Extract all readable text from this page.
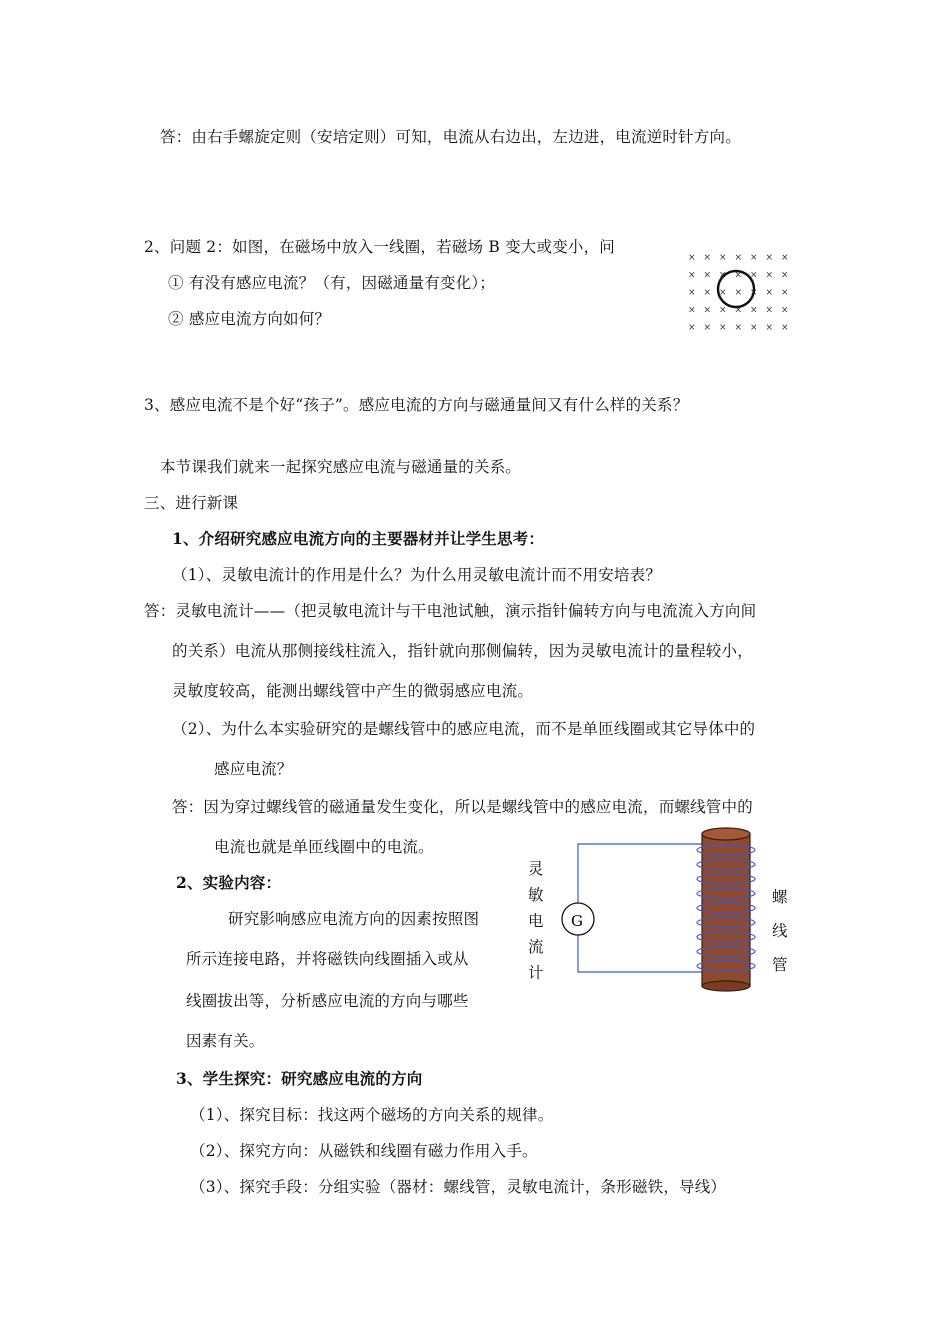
答：由右手螺旋定则（安培定则）可知，电流从右边出，左边进，电流逆时针方向。
2、问题 2：如图，在磁场中放入一线圈，若磁场 B 变大或变小，问
① 有没有感应电流？（有，因磁通量有变化）；
② 感应电流方向如何？
× × × × × × ×
× × × × × × ×
× × × × × × ×
× × × × × × ×
× × × × × × ×
3、感应电流不是个好“孩子”。感应电流的方向与磁通量间又有什么样的关系？
本节课我们就来一起探究感应电流与磁通量的关系。
三、进行新课
1、介绍研究感应电流方向的主要器材并让学生思考：
（1）、灵敏电流计的作用是什么？为什么用灵敏电流计而不用安培表？
答：灵敏电流计——（把灵敏电流计与干电池试触，演示指针偏转方向与电流流入方向间
的关系）电流从那侧接线柱流入，指针就向那侧偏转，因为灵敏电流计的量程较小，
灵敏度较高，能测出螺线管中产生的微弱感应电流。
（2）、为什么本实验研究的是螺线管中的感应电流，而不是单匝线圈或其它导体中的
感应电流？
答：因为穿过螺线管的磁通量发生变化，所以是螺线管中的感应电流，而螺线管中的
电流也就是单匝线圈中的电流。
2、实验内容：
研究影响感应电流方向的因素按照图
所示连接电路，并将磁铁向线圈插入或从
线圈拔出等，分析感应电流的方向与哪些
因素有关。
灵
敏
电
流
计
G
螺
线
管
3、学生探究：研究感应电流的方向
（1）、探究目标：找这两个磁场的方向关系的规律。
（2）、探究方向：从磁铁和线圈有磁力作用入手。
（3）、探究手段：分组实验（器材：螺线管，灵敏电流计，条形磁铁，导线）
